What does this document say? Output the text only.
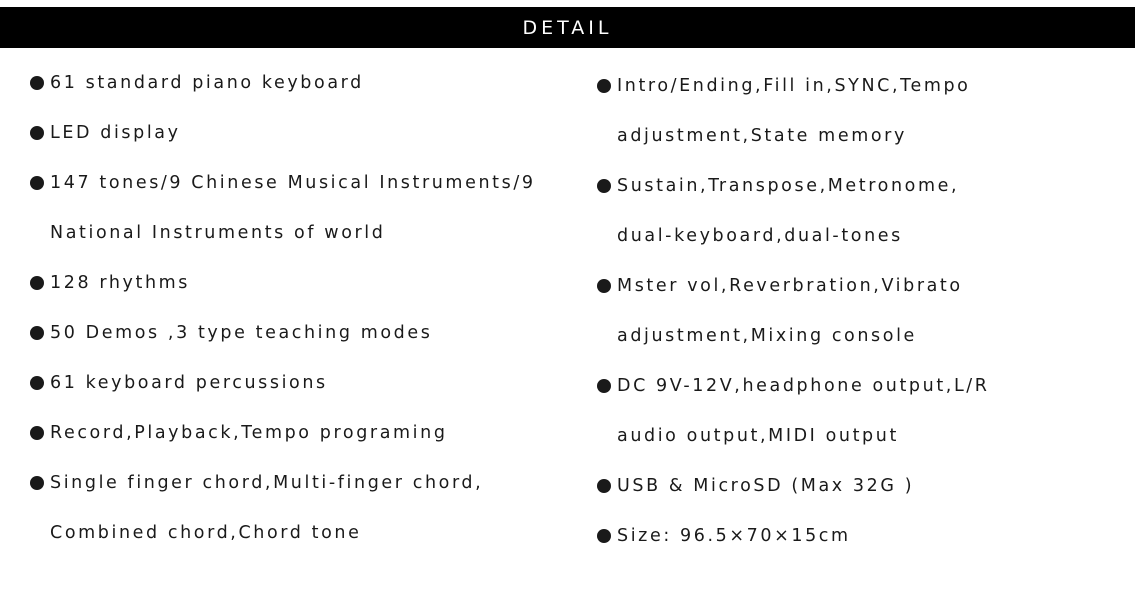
DETAIL
61 standard piano keyboard
LED display
147 tones/9 Chinese Musical Instruments/9
National Instruments of world
128 rhythms
50 Demos ,3 type teaching modes
61 keyboard percussions
Record,Playback,Tempo programing
Single finger chord,Multi-finger chord,
Combined chord,Chord tone
Intro/Ending,Fill in,SYNC,Tempo
adjustment,State memory
Sustain,Transpose,Metronome,
dual-keyboard,dual-tones
Mster vol,Reverbration,Vibrato
adjustment,Mixing console
DC 9V-12V,headphone output,L/R
audio output,MIDI output
USB & MicroSD (Max 32G )
Size: 96.5×70×15cm
